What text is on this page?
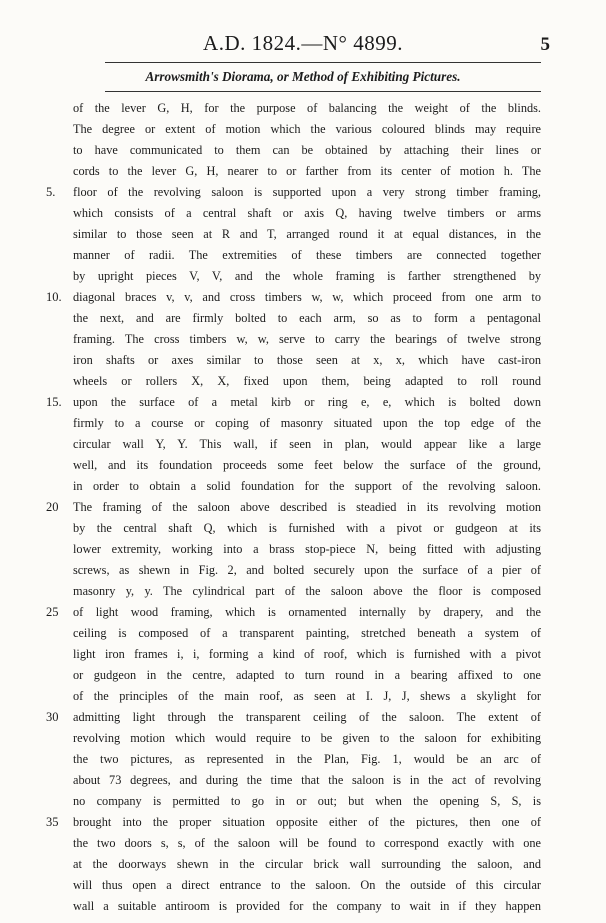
A.D. 1824.—N° 4899.	5
Arrowsmith's Diorama, or Method of Exhibiting Pictures.
of the lever G, H, for the purpose of balancing the weight of the blinds.
The degree or extent of motion which the various coloured blinds may require
to have communicated to them can be obtained by attaching their lines or
cords to the lever G, H, nearer to or farther from its center of motion h. The
5.	floor of the revolving saloon is supported upon a very strong timber framing,
which consists of a central shaft or axis Q, having twelve timbers or arms
similar to those seen at R and T, arranged round it at equal distances, in the
manner of radii. The extremities of these timbers are connected together
by upright pieces V, V, and the whole framing is farther strengthened by
10. diagonal braces v, v, and cross timbers w, w, which proceed from one arm to
the next, and are firmly bolted to each arm, so as to form a pentagonal
framing. The cross timbers w, w, serve to carry the bearings of twelve strong
iron shafts or axes similar to those seen at x, x, which have cast-iron
wheels or rollers X, X, fixed upon them, being adapted to roll round
15. upon the surface of a metal kirb or ring e, e, which is bolted down
firmly to a course or coping of masonry situated upon the top edge of the
circular wall Y, Y. This wall, if seen in plan, would appear like a large
well, and its foundation proceeds some feet below the surface of the ground,
in order to obtain a solid foundation for the support of the revolving saloon.
20	The framing of the saloon above described is steadied in its revolving motion
by the central shaft Q, which is furnished with a pivot or gudgeon at its
lower extremity, working into a brass stop-piece N, being fitted with adjusting
screws, as shewn in Fig. 2, and bolted securely upon the surface of a pier of
masonry y, y. The cylindrical part of the saloon above the floor is composed
25	of light wood framing, which is ornamented internally by drapery, and the
ceiling is composed of a transparent painting, stretched beneath a system of
light iron frames i, i, forming a kind of roof, which is furnished with a pivot
or gudgeon in the centre, adapted to turn round in a bearing affixed to one
of the principles of the main roof, as seen at I. J, J, shews a skylight for
30	admitting light through the transparent ceiling of the saloon. The extent of
revolving motion which would require to be given to the saloon for exhibiting
the two pictures, as represented in the Plan, Fig. 1, would be an arc of
about 73 degrees, and during the time that the saloon is in the act of revolving
no company is permitted to go in or out; but when the opening S, S, is
35	brought into the proper situation opposite either of the pictures, then one of
the two doors s, s, of the saloon will be found to correspond exactly with one
at the doorways shewn in the circular brick wall surrounding the saloon, and
will thus open a direct entrance to the saloon. On the outside of this circular
wall a suitable antiroom is provided for the company to wait in if they happen
